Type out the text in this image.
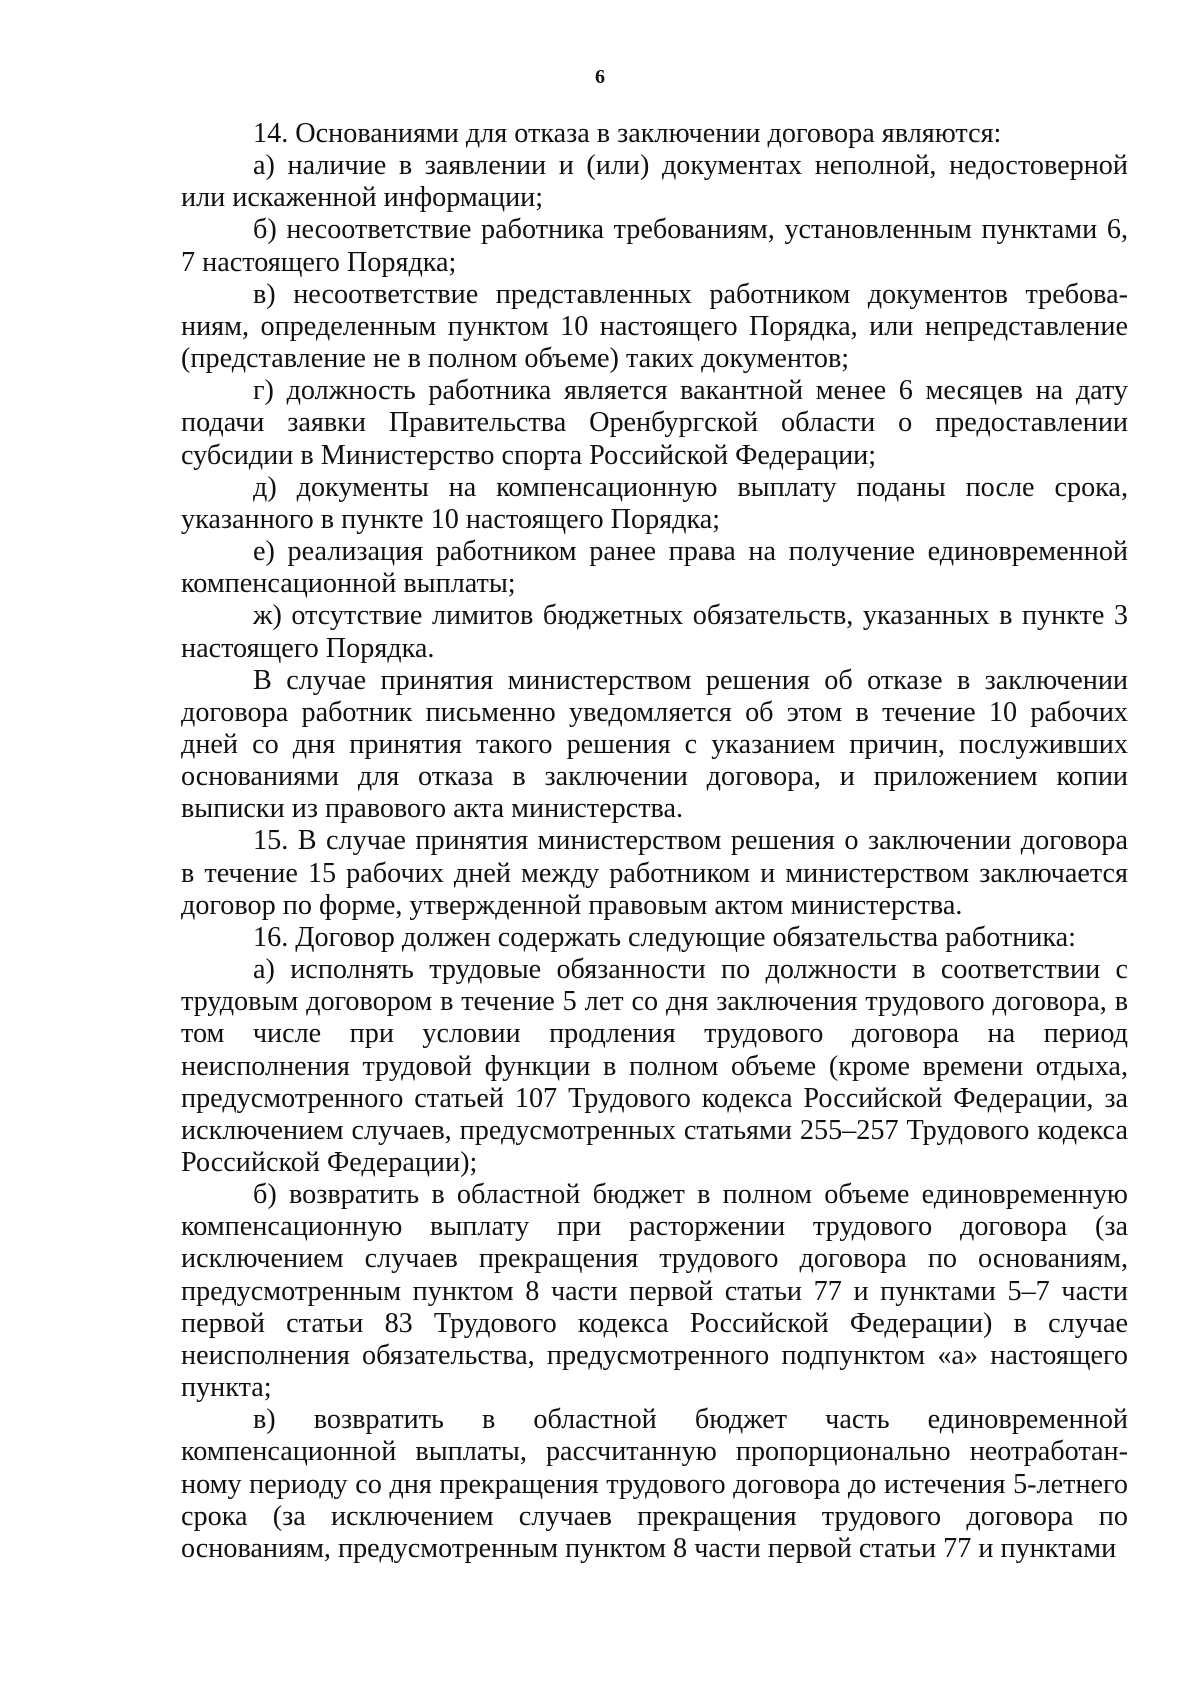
6

14. Основаниями для отказа в заключении договора являются:

а) наличие в заявлении и (или) документах неполной, недостоверной или искаженной информации;

б) несоответствие работника требованиям, установленным пунктами 6, 7 настоящего Порядка;

в) несоответствие представленных работником документов требованиям, определенным пунктом 10 настоящего Порядка, или непредставление (представление не в полном объеме) таких документов;

г) должность работника является вакантной менее 6 месяцев на дату подачи заявки Правительства Оренбургской области о предоставлении субсидии в Министерство спорта Российской Федерации;

д) документы на компенсационную выплату поданы после срока, указанного в пункте 10 настоящего Порядка;

е) реализация работником ранее права на получение единовременной компенсационной выплаты;

ж) отсутствие лимитов бюджетных обязательств, указанных в пункте 3 настоящего Порядка.

В случае принятия министерством решения об отказе в заключении договора работник письменно уведомляется об этом в течение 10 рабочих дней со дня принятия такого решения с указанием причин, послуживших основаниями для отказа в заключении договора, и приложением копии выписки из правового акта министерства.

15. В случае принятия министерством решения о заключении договора в течение 15 рабочих дней между работником и министерством заключается договор по форме, утвержденной правовым актом министерства.

16. Договор должен содержать следующие обязательства работника:

а) исполнять трудовые обязанности по должности в соответствии с трудовым договором в течение 5 лет со дня заключения трудового договора, в том числе при условии продления трудового договора на период неисполнения трудовой функции в полном объеме (кроме времени отдыха, предусмотренного статьей 107 Трудового кодекса Российской Федерации, за исключением случаев, предусмотренных статьями 255–257 Трудового кодекса Российской Федерации);

б) возвратить в областной бюджет в полном объеме единовременную компенсационную выплату при расторжении трудового договора (за исключением случаев прекращения трудового договора по основаниям, предусмотренным пунктом 8 части первой статьи 77 и пунктами 5–7 части первой статьи 83 Трудового кодекса Российской Федерации) в случае неисполнения обязательства, предусмотренного подпунктом «а» настоящего пункта;

в) возвратить в областной бюджет часть единовременной компенсационной выплаты, рассчитанную пропорционально неотработанному периоду со дня прекращения трудового договора до истечения 5-летнего срока (за исключением случаев прекращения трудового договора по основаниям, предусмотренным пунктом 8 части первой статьи 77 и пунктами
